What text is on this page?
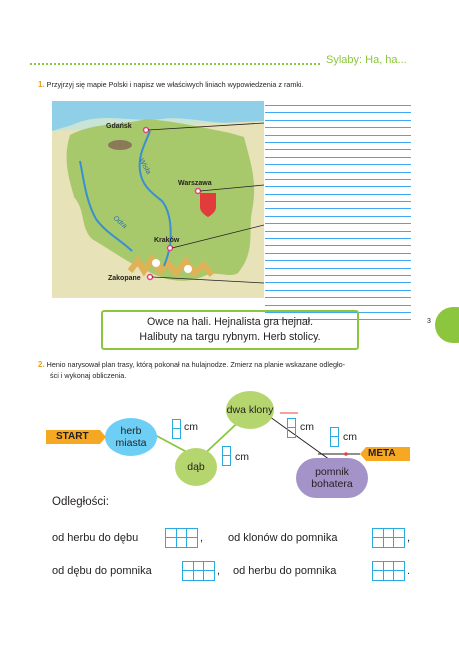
Sylaby: Ha, ha...
1. Przyjrzyj się mapie Polski i napisz we właściwych liniach wypowiedzenia z ramki.
Gdańsk
Warszawa
Kraków
Zakopane
Wisła
Odra
Owce na hali. Hejnalista gra hejnał.
Halibuty na targu rybnym. Herb stolicy.
3
2. Henio narysował plan trasy, którą pokonał na hulajnodze. Zmierz na planie wskazane odległo-
ści i wykonaj obliczenia.
START
META
herb miasta
dąb
dwa klony
pomnik bohatera
cm
cm
cm
cm
Odległości:
od herbu do dębu	, od klonów do pomnika	,
od dębu do pomnika	, od herbu do pomnika	.
